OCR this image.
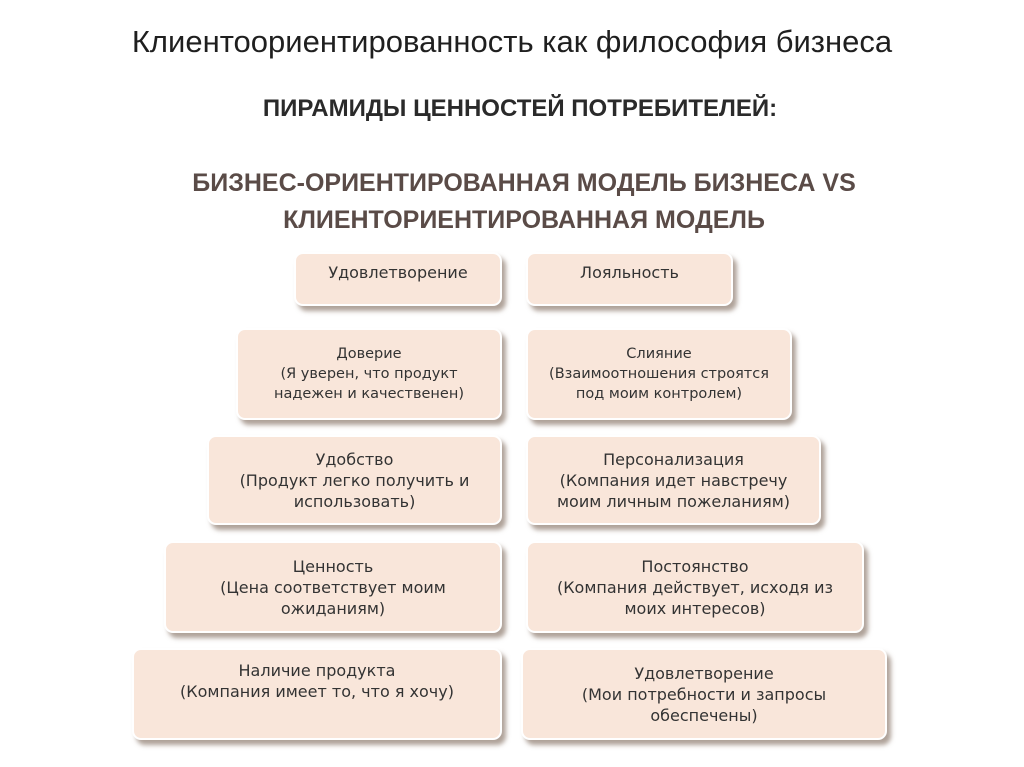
Клиентоориентированность как философия бизнеса
ПИРАМИДЫ ЦЕННОСТЕЙ ПОТРЕБИТЕЛЕЙ:
БИЗНЕС-ОРИЕНТИРОВАННАЯ МОДЕЛЬ БИЗНЕСА VS
КЛИЕНТОРИЕНТИРОВАННАЯ МОДЕЛЬ
Удовлетворение
Доверие
(Я уверен, что продукт
надежен и качественен)
Удобство
(Продукт легко получить и
использовать)
Ценность
(Цена соответствует моим
ожиданиям)
Наличие продукта
(Компания имеет то, что я хочу)
Лояльность
Слияние
(Взаимоотношения строятся
под моим контролем)
Персонализация
(Компания идет навстречу
моим личным пожеланиям)
Постоянство
(Компания действует, исходя из
моих интересов)
Удовлетворение
(Мои потребности и запросы
обеспечены)
